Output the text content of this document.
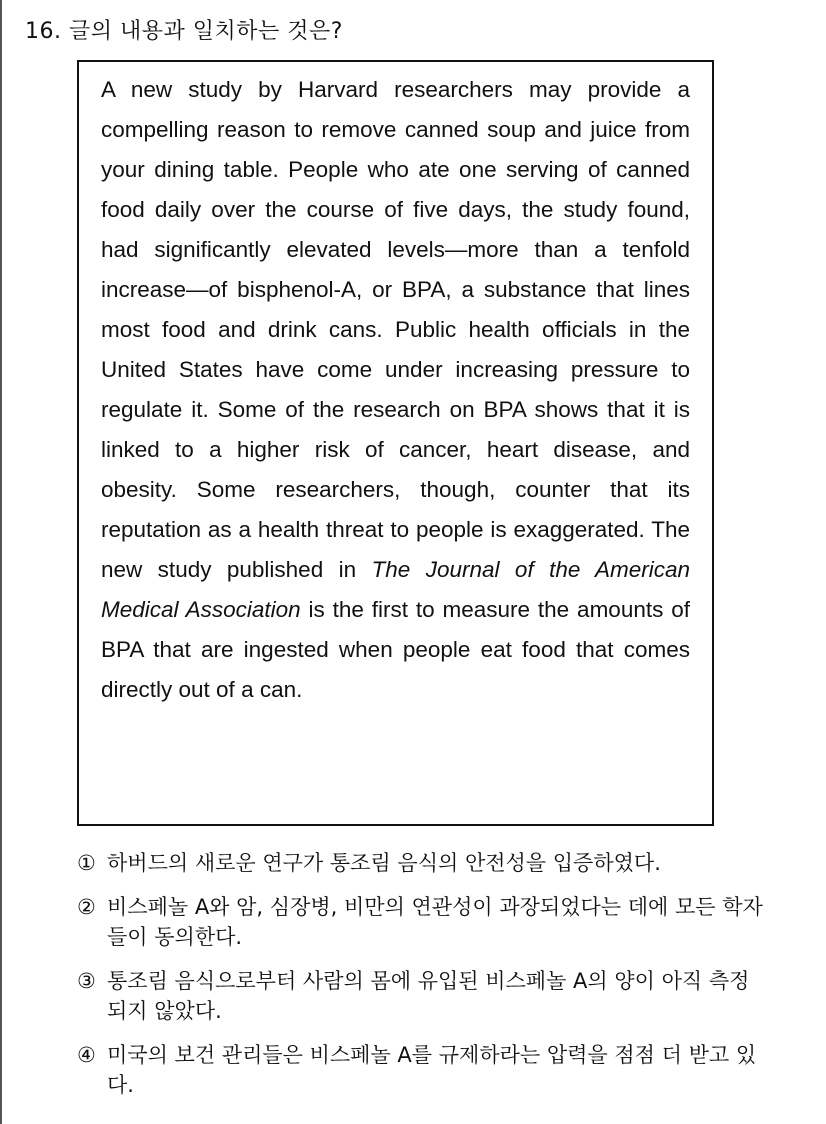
16. 글의 내용과 일치하는 것은?

A new study by Harvard researchers may provide a compelling reason to remove canned soup and juice from your dining table. People who ate one serving of canned food daily over the course of five days, the study found, had significantly elevated levels—more than a tenfold increase—of bisphenol-A, or BPA, a substance that lines most food and drink cans. Public health officials in the United States have come under increasing pressure to regulate it. Some of the research on BPA shows that it is linked to a higher risk of cancer, heart disease, and obesity. Some researchers, though, counter that its reputation as a health threat to people is exaggerated. The new study published in The Journal of the American Medical Association is the first to measure the amounts of BPA that are ingested when people eat food that comes directly out of a can.

① 하버드의 새로운 연구가 통조림 음식의 안전성을 입증하였다.
② 비스페놀 A와 암, 심장병, 비만의 연관성이 과장되었다는 데에 모든 학자들이 동의한다.
③ 통조림 음식으로부터 사람의 몸에 유입된 비스페놀 A의 양이 아직 측정되지 않았다.
④ 미국의 보건 관리들은 비스페놀 A를 규제하라는 압력을 점점 더 받고 있다.
